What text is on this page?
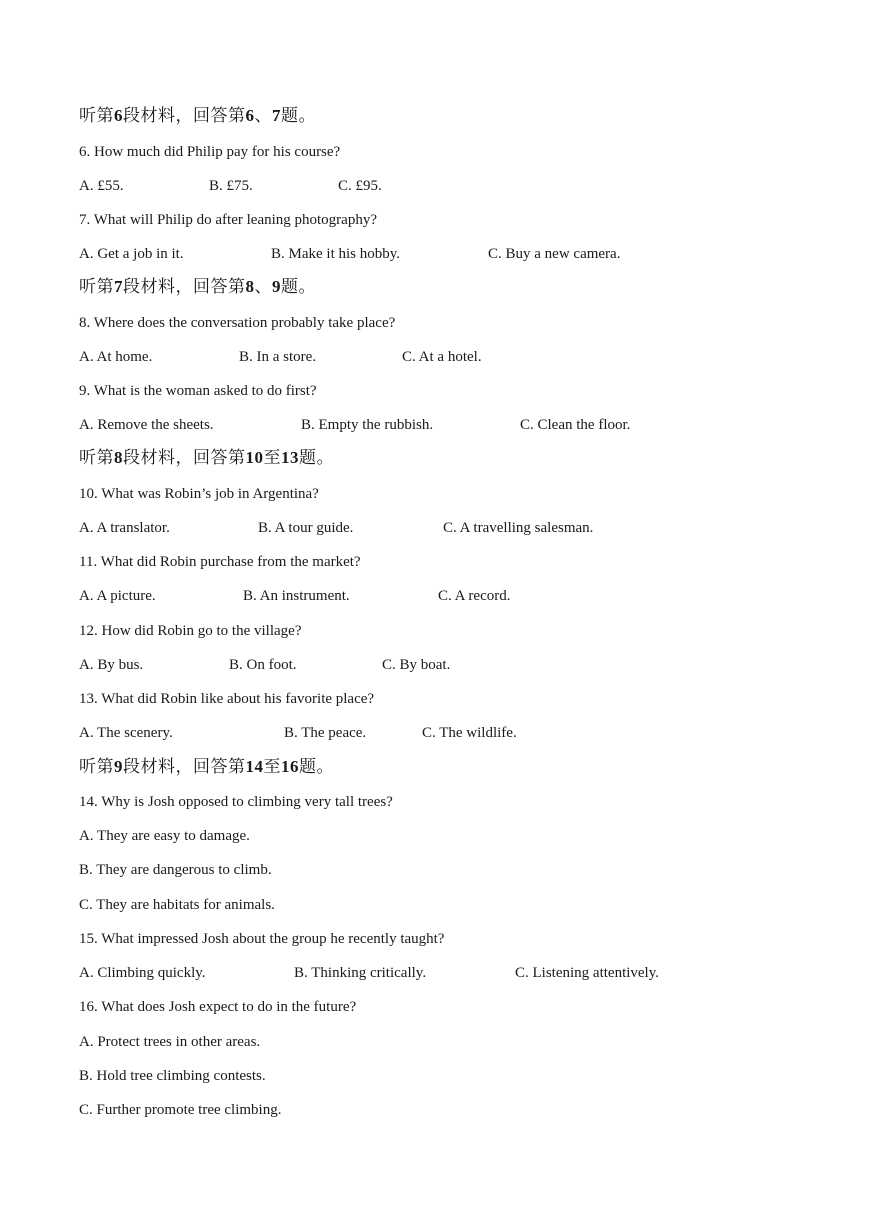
听第6段材料，回答第6、7题。
6. How much did Philip pay for his course?
A. £55.	B. £75.	C. £95.
7. What will Philip do after leaning photography?
A. Get a job in it.	B. Make it his hobby.	C. Buy a new camera.
听第7段材料，回答第8、9题。
8. Where does the conversation probably take place?
A. At home.	B. In a store.	C. At a hotel.
9. What is the woman asked to do first?
A. Remove the sheets.	B. Empty the rubbish.	C. Clean the floor.
听第8段材料，回答第10至13题。
10. What was Robin’s job in Argentina?
A. A translator.	B. A tour guide.	C. A travelling salesman.
11. What did Robin purchase from the market?
A. A picture.	B. An instrument.	C. A record.
12. How did Robin go to the village?
A. By bus.	B. On foot.	C. By boat.
13. What did Robin like about his favorite place?
A. The scenery.	B. The peace.	C. The wildlife.
听第9段材料，回答第14至16题。
14. Why is Josh opposed to climbing very tall trees?
A. They are easy to damage.
B. They are dangerous to climb.
C. They are habitats for animals.
15. What impressed Josh about the group he recently taught?
A. Climbing quickly.	B. Thinking critically.	C. Listening attentively.
16. What does Josh expect to do in the future?
A. Protect trees in other areas.
B. Hold tree climbing contests.
C. Further promote tree climbing.
